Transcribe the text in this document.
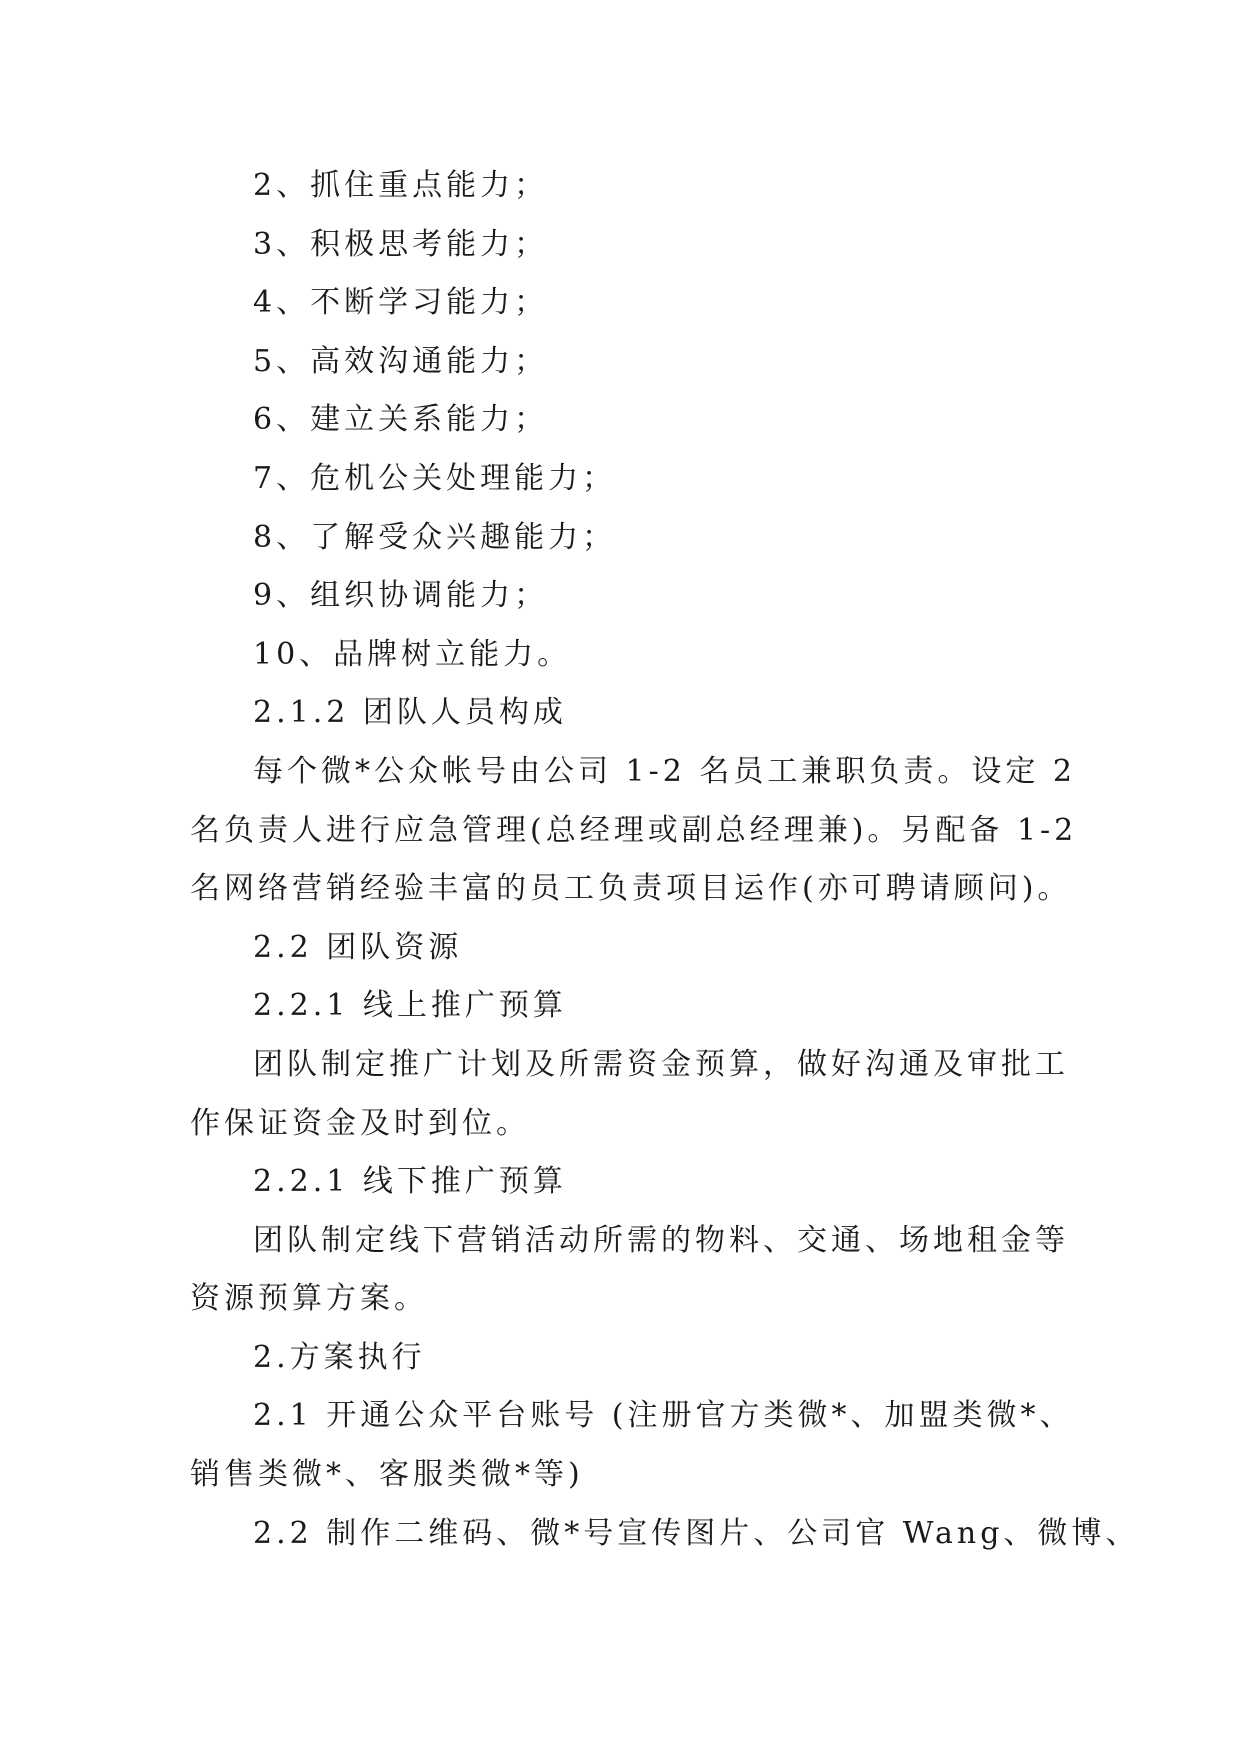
2、抓住重点能力；
3、积极思考能力；
4、不断学习能力；
5、高效沟通能力；
6、建立关系能力；
7、危机公关处理能力；
8、了解受众兴趣能力；
9、组织协调能力；
10、品牌树立能力。
2.1.2 团队人员构成
每个微*公众帐号由公司 1-2 名员工兼职负责。设定 2
名负责人进行应急管理(总经理或副总经理兼)。另配备 1-2
名网络营销经验丰富的员工负责项目运作(亦可聘请顾问)。
2.2 团队资源
2.2.1 线上推广预算
团队制定推广计划及所需资金预算，做好沟通及审批工
作保证资金及时到位。
2.2.1 线下推广预算
团队制定线下营销活动所需的物料、交通、场地租金等
资源预算方案。
2.方案执行
2.1 开通公众平台账号 (注册官方类微*、加盟类微*、
销售类微*、客服类微*等)
2.2 制作二维码、微*号宣传图片、公司官 Wang、微博、
